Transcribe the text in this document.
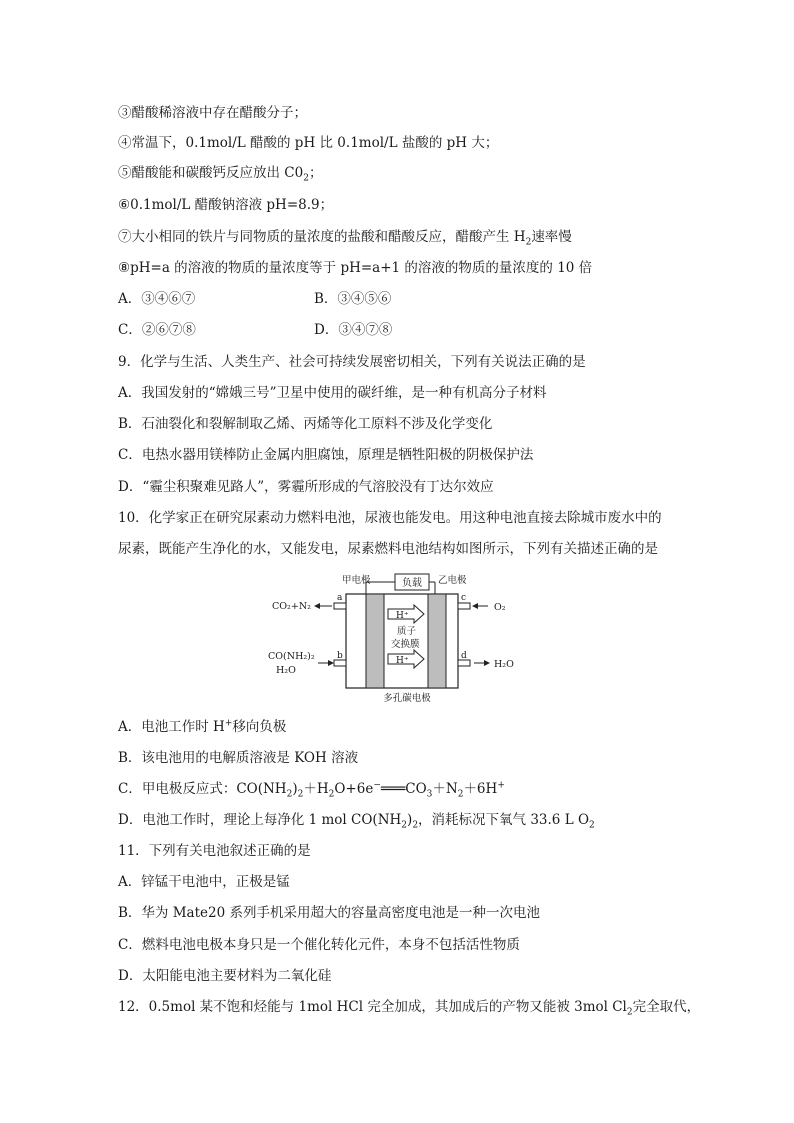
③醋酸稀溶液中存在醋酸分子；
④常温下，0.1mol/L 醋酸的 pH 比 0.1mol/L 盐酸的 pH 大；
⑤醋酸能和碳酸钙反应放出 $C0_2$；
⑥0.1mol/L 醋酸钠溶液 pH=8.9；
⑦大小相同的铁片与同物质的量浓度的盐酸和醋酸反应，醋酸产生 $H_2$速率慢
⑧pH=a 的溶液的物质的量浓度等于 pH=a+1 的溶液的物质的量浓度的 10 倍
A．③④⑥⑦	B．③④⑤⑥
C．②⑥⑦⑧	D．③④⑦⑧
9．化学与生活、人类生产、社会可持续发展密切相关，下列有关说法正确的是
A．我国发射的“嫦娥三号”卫星中使用的碳纤维，是一种有机高分子材料
B．石油裂化和裂解制取乙烯、丙烯等化工原料不涉及化学变化
C．电热水器用镁棒防止金属内胆腐蚀，原理是牺牲阳极的阴极保护法
D．“霾尘积聚难见路人”，雾霾所形成的气溶胶没有丁达尔效应
10．化学家正在研究尿素动力燃料电池，尿液也能发电。用这种电池直接去除城市废水中的
尿素，既能产生净化的水，又能发电，尿素燃料电池结构如图所示，下列有关描述正确的是
负载
甲电极	乙电极
a
b
c
d
CO₂+N₂
CO(NH₂)₂
H₂O
O₂
H₂O
H⁺
质子
交换膜
H⁺
多孔碳电极
A．电池工作时 H+移向负极
B．该电池用的电解质溶液是 KOH 溶液
C．甲电极反应式：$CO(NH_2)_2+H_2O+6e^-═══CO_3+N_2+6H^+$
D．电池工作时，理论上每净化 1 mol $CO(NH_2)_2$，消耗标况下氧气 33.6 L $O_2$
11．下列有关电池叙述正确的是
A．锌锰干电池中，正极是锰
B．华为 Mate20 系列手机采用超大的容量高密度电池是一种一次电池
C．燃料电池电极本身只是一个催化转化元件，本身不包括活性物质
D．太阳能电池主要材料为二氧化硅
12．0.5mol 某不饱和烃能与 1mol HCl 完全加成，其加成后的产物又能被 3mol $Cl_2$完全取代，
